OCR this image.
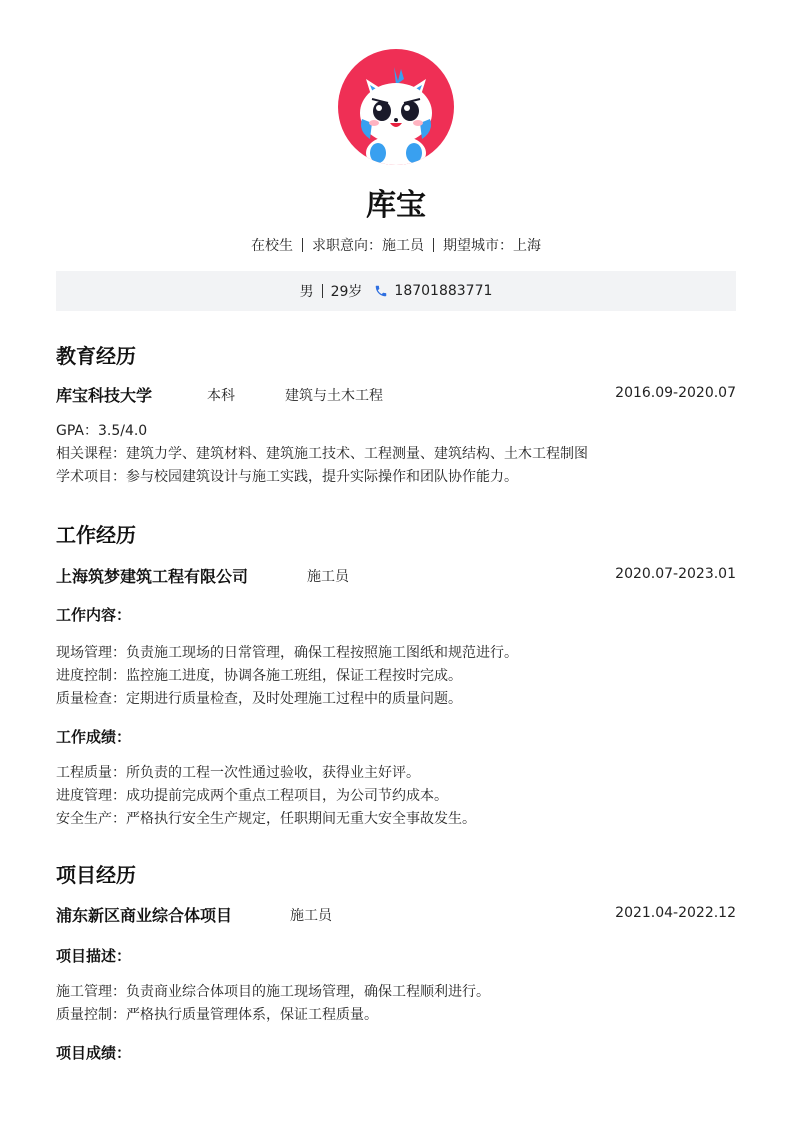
库宝
在校生 求职意向：施工员 期望城市：上海
男 29岁 18701883771
教育经历
库宝科技大学	本科	建筑与土木工程	2016.09-2020.07
GPA：3.5/4.0
相关课程：建筑力学、建筑材料、建筑施工技术、工程测量、建筑结构、土木工程制图
学术项目：参与校园建筑设计与施工实践，提升实际操作和团队协作能力。
工作经历
上海筑梦建筑工程有限公司	施工员	2020.07-2023.01
工作内容：
现场管理：负责施工现场的日常管理，确保工程按照施工图纸和规范进行。
进度控制：监控施工进度，协调各施工班组，保证工程按时完成。
质量检查：定期进行质量检查，及时处理施工过程中的质量问题。
工作成绩：
工程质量：所负责的工程一次性通过验收，获得业主好评。
进度管理：成功提前完成两个重点工程项目，为公司节约成本。
安全生产：严格执行安全生产规定，任职期间无重大安全事故发生。
项目经历
浦东新区商业综合体项目	施工员	2021.04-2022.12
项目描述：
施工管理：负责商业综合体项目的施工现场管理，确保工程顺利进行。
质量控制：严格执行质量管理体系，保证工程质量。
项目成绩：
